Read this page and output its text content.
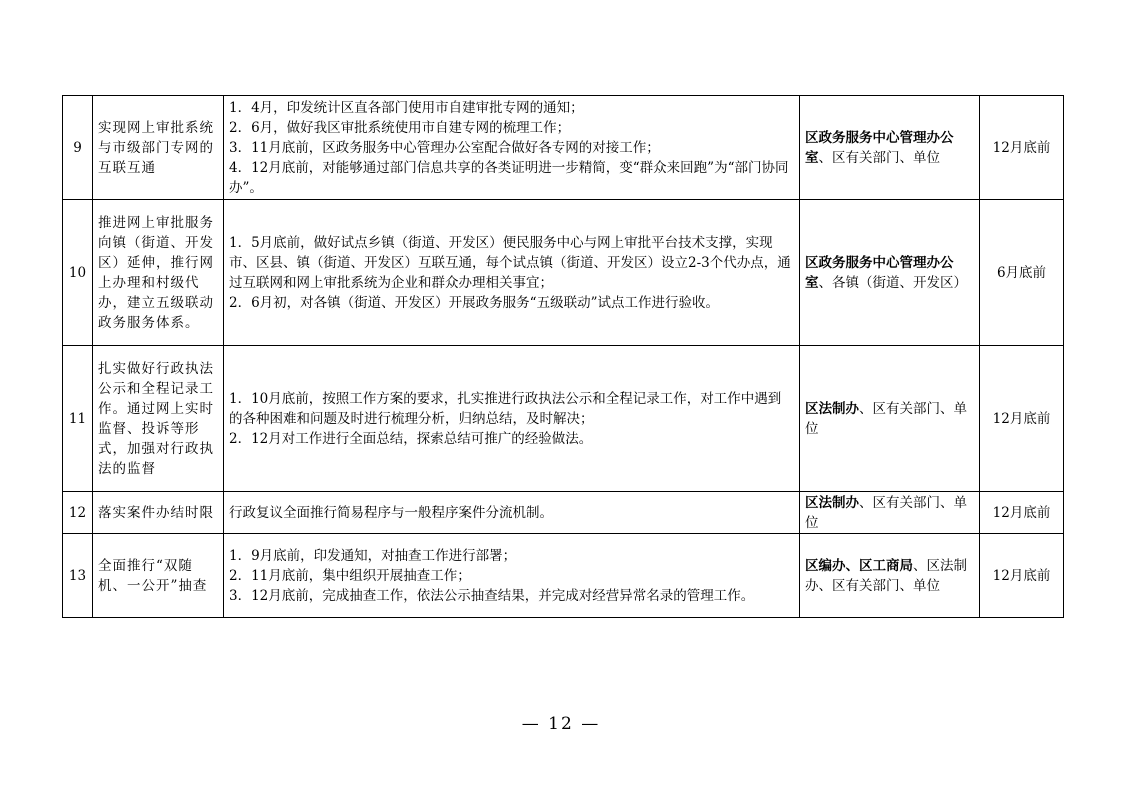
9	实现网上审批系统与市级部门专网的互联互通	1．4月，印发统计区直各部门使用市自建审批专网的通知；
2．6月，做好我区审批系统使用市自建专网的梳理工作；
3．11月底前，区政务服务中心管理办公室配合做好各专网的对接工作；
4．12月底前，对能够通过部门信息共享的各类证明进一步精简，变“群众来回跑”为“部门协同办”。	区政务服务中心管理办公室、区有关部门、单位	12月底前
10	推进网上审批服务向镇（街道、开发区）延伸，推行网上办理和村级代办，建立五级联动政务服务体系。	1．5月底前，做好试点乡镇（街道、开发区）便民服务中心与网上审批平台技术支撑，实现市、区县、镇（街道、开发区）互联互通，每个试点镇（街道、开发区）设立2-3个代办点，通过互联网和网上审批系统为企业和群众办理相关事宜；
2．6月初，对各镇（街道、开发区）开展政务服务“五级联动”试点工作进行验收。	区政务服务中心管理办公室、各镇（街道、开发区）	6月底前
11	扎实做好行政执法公示和全程记录工作。通过网上实时监督、投诉等形式，加强对行政执法的监督	1．10月底前，按照工作方案的要求，扎实推进行政执法公示和全程记录工作，对工作中遇到的各种困难和问题及时进行梳理分析，归纳总结，及时解决；
2．12月对工作进行全面总结，探索总结可推广的经验做法。	区法制办、区有关部门、单位	12月底前
12	落实案件办结时限	行政复议全面推行简易程序与一般程序案件分流机制。	区法制办、区有关部门、单位	12月底前
13	全面推行“双随机、一公开”抽查	1．9月底前，印发通知，对抽查工作进行部署；
2．11月底前，集中组织开展抽查工作；
3．12月底前，完成抽查工作，依法公示抽查结果，并完成对经营异常名录的管理工作。	区编办、区工商局、区法制办、区有关部门、单位	12月底前
— 12 —
